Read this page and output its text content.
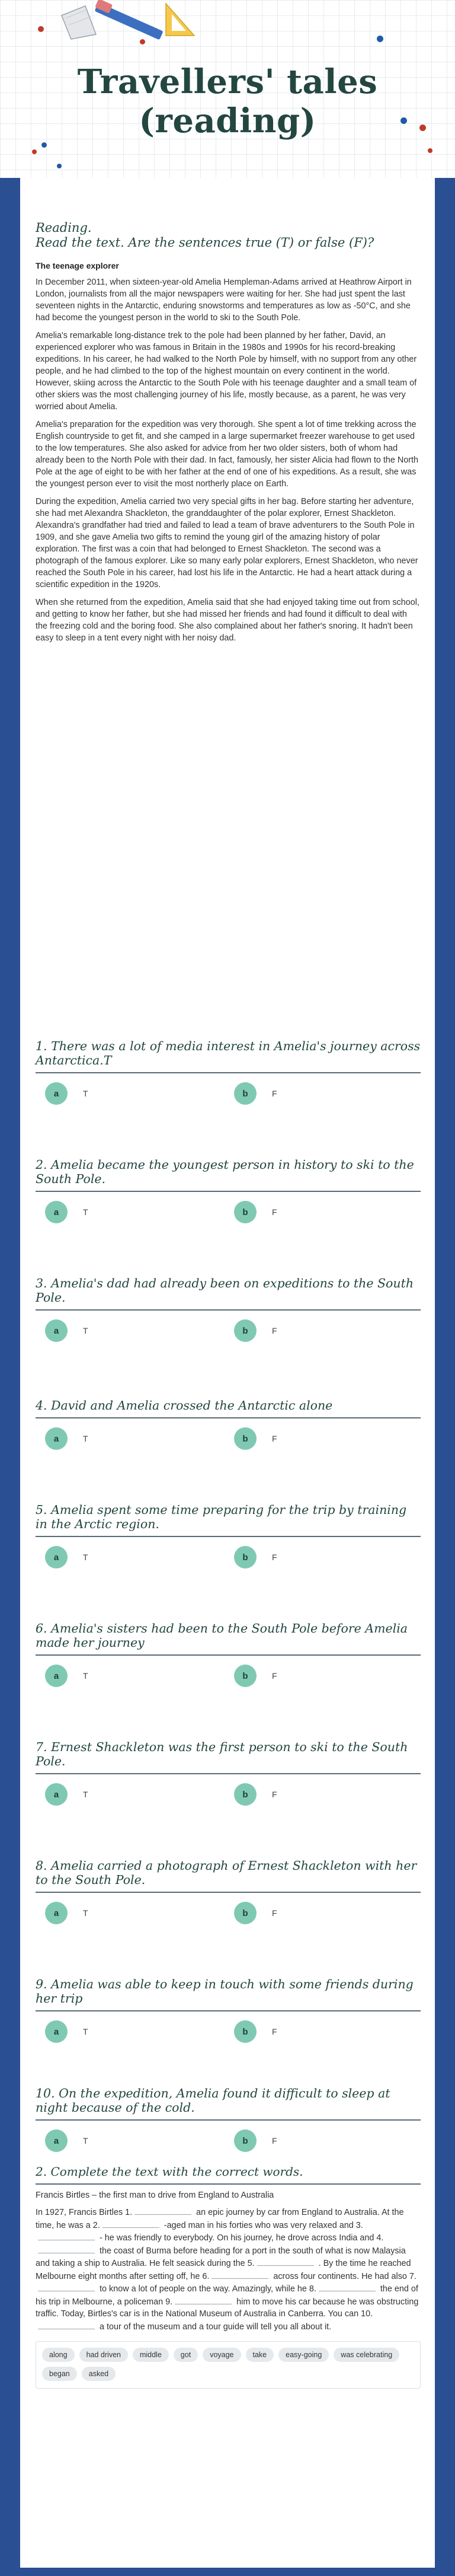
Travellers' tales (reading)

Reading.
Read the text. Are the sentences true (T) or false (F)?

The teenage explorer

In December 2011, when sixteen-year-old Amelia Hempleman-Adams arrived at Heathrow Airport in London, journalists from all the major newspapers were waiting for her. She had just spent the last seventeen nights in the Antarctic, enduring snowstorms and temperatures as low as -50°C, and she had become the youngest person in the world to ski to the South Pole.

Amelia's remarkable long-distance trek to the pole had been planned by her father, David, an experienced explorer who was famous in Britain in the 1980s and 1990s for his record-breaking expeditions. In his career, he had walked to the North Pole by himself, with no support from any other people, and he had climbed to the top of the highest mountain on every continent in the world. However, skiing across the Antarctic to the South Pole with his teenage daughter and a small team of other skiers was the most challenging journey of his life, mostly because, as a parent, he was very worried about Amelia.

Amelia's preparation for the expedition was very thorough. She spent a lot of time trekking across the English countryside to get fit, and she camped in a large supermarket freezer warehouse to get used to the low temperatures. She also asked for advice from her two older sisters, both of whom had already been to the North Pole with their dad. In fact, famously, her sister Alicia had flown to the North Pole at the age of eight to be with her father at the end of one of his expeditions. As a result, she was the youngest person ever to visit the most northerly place on Earth.

During the expedition, Amelia carried two very special gifts in her bag. Before starting her adventure, she had met Alexandra Shackleton, the granddaughter of the polar explorer, Ernest Shackleton. Alexandra's grandfather had tried and failed to lead a team of brave adventurers to the South Pole in 1909, and she gave Amelia two gifts to remind the young girl of the amazing history of polar exploration. The first was a coin that had belonged to Ernest Shackleton. The second was a photograph of the famous explorer. Like so many early polar explorers, Ernest Shackleton, who never reached the South Pole in his career, had lost his life in the Antarctic. He had a heart attack during a scientific expedition in the 1920s.

When she returned from the expedition, Amelia said that she had enjoyed taking time out from school, and getting to know her father, but she had missed her friends and had found it difficult to deal with the freezing cold and the boring food. She also complained about her father's snoring. It hadn't been easy to sleep in a tent every night with her noisy dad.

1. There was a lot of media interest in Amelia's journey across Antarctica.T

a	T	b	F

2. Amelia became the youngest person in history to ski to the South Pole.

a	T	b	F

3. Amelia's dad had already been on expeditions to the South Pole.

a	T	b	F

4. David and Amelia crossed the Antarctic alone

a	T	b	F

5. Amelia spent some time preparing for the trip by training in the Arctic region.

a	T	b	F

6. Amelia's sisters had been to the South Pole before Amelia made her journey

a	T	b	F

7. Ernest Shackleton was the first person to ski to the South Pole.

a	T	b	F

8. Amelia carried a photograph of Ernest Shackleton with her to the South Pole.

a	T	b	F

9. Amelia was able to keep in touch with some friends during her trip

a	T	b	F

10. On the expedition, Amelia found it difficult to sleep at night because of the cold.

a	T	b	F

2. Complete the text with the correct words.

Francis Birtles – the first man to drive from England to Australia

In 1927, Francis Birtles 1.	an epic journey by car from England to Australia. At the time, he was a 2.	-aged man in his forties who was very relaxed and 3. - he was friendly to everybody. On his journey, he drove across India and 4. the coast of Burma before heading for a port in the south of what is now Malaysia and taking a ship to Australia. He felt seasick during the 5.	. By the time he reached Melbourne eight months after setting off, he 6.	across four continents. He had also 7. to know a lot of people on the way. Amazingly, while he 8.	the end of his trip in Melbourne, a policeman 9.	him to move his car because he was obstructing traffic. Today, Birtles's car is in the National Museum of Australia in Canberra. You can 10. a tour of the museum and a tour guide will tell you all about it.

along	had driven	middle	got	voyage	take	easy-going	was celebrating
began	asked
